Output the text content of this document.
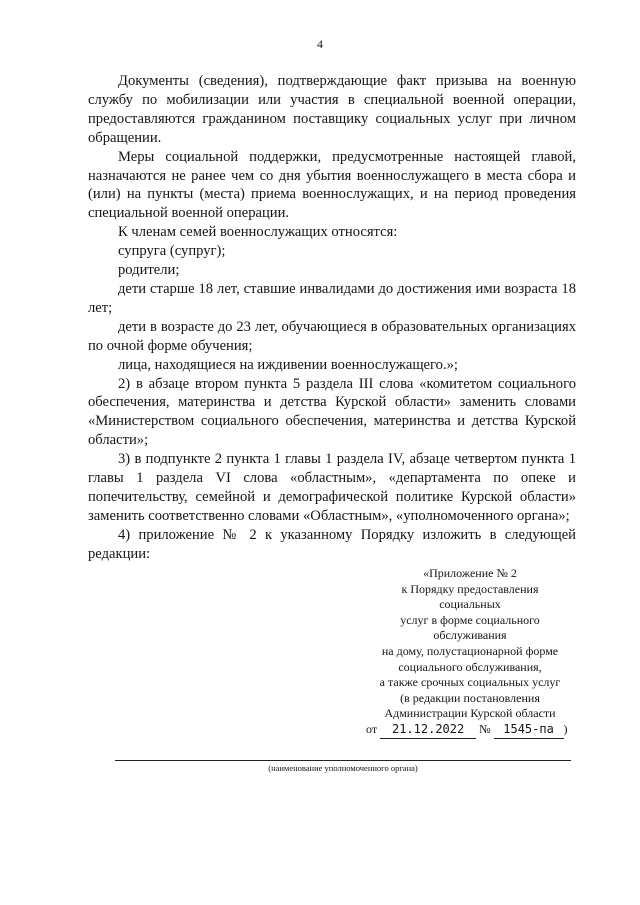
4

Документы (сведения), подтверждающие факт призыва на военную службу по мобилизации или участия в специальной военной операции, предоставляются гражданином поставщику социальных услуг при личном обращении.

Меры социальной поддержки, предусмотренные настоящей главой, назначаются не ранее чем со дня убытия военнослужащего в места сбора и (или) на пункты (места) приема военнослужащих, и на период проведения специальной военной операции.

К членам семей военнослужащих относятся:

супруга (супруг);

родители;

дети старше 18 лет, ставшие инвалидами до достижения ими возраста 18 лет;

дети в возрасте до 23 лет, обучающиеся в образовательных организациях по очной форме обучения;

лица, находящиеся на иждивении военнослужащего.»;

2) в абзаце втором пункта 5 раздела III слова «комитетом социального обеспечения, материнства и детства Курской области» заменить словами «Министерством социального обеспечения, материнства и детства Курской области»;

3) в подпункте 2 пункта 1 главы 1 раздела IV, абзаце четвертом пункта 1 главы 1 раздела VI слова «областным», «департамента по опеке и попечительству, семейной и демографической политике Курской области» заменить соответственно словами «Областным», «уполномоченного органа»;

4) приложение № 2 к указанному Порядку изложить в следующей редакции:

«Приложение № 2
к Порядку предоставления
социальных
услуг в форме социального
обслуживания
на дому, полустационарной форме
социального обслуживания,
а также срочных социальных услуг
(в редакции постановления
Администрации Курской области
от 21.12.2022 № 1545-па )
(наименование уполномоченного органа)
